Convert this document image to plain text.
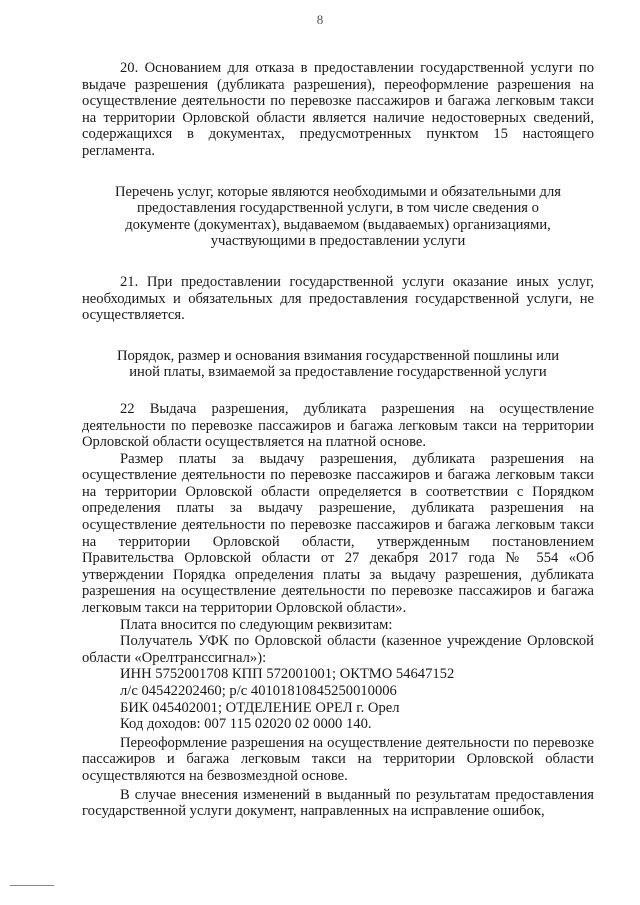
8

20. Основанием для отказа в предоставлении государственной услуги по выдаче разрешения (дубликата разрешения), переоформление разрешения на осуществление деятельности по перевозке пассажиров и багажа легковым такси на территории Орловской области является наличие недостоверных сведений, содержащихся в документах, предусмотренных пунктом 15 настоящего регламента.

Перечень услуг, которые являются необходимыми и обязательными для предоставления государственной услуги, в том числе сведения о документе (документах), выдаваемом (выдаваемых) организациями, участвующими в предоставлении услуги

21. При предоставлении государственной услуги оказание иных услуг, необходимых и обязательных для предоставления государственной услуги, не осуществляется.

Порядок, размер и основания взимания государственной пошлины или иной платы, взимаемой за предоставление государственной услуги

22 Выдача разрешения, дубликата разрешения на осуществление деятельности по перевозке пассажиров и багажа легковым такси на территории Орловской области осуществляется на платной основе.

Размер платы за выдачу разрешения, дубликата разрешения на осуществление деятельности по перевозке пассажиров и багажа легковым такси на территории Орловской области определяется в соответствии с Порядком определения платы за выдачу разрешение, дубликата разрешения на осуществление деятельности по перевозке пассажиров и багажа легковым такси на территории Орловской области, утвержденным постановлением Правительства Орловской области от 27 декабря 2017 года № 554 «Об утверждении Порядка определения платы за выдачу разрешения, дубликата разрешения на осуществление деятельности по перевозке пассажиров и багажа легковым такси на территории Орловской области».

Плата вносится по следующим реквизитам:

Получатель УФК по Орловской области (казенное учреждение Орловской области «Орелтранссигнал»):

ИНН 5752001708 КПП 572001001; ОКТМО 54647152

л/с 04542202460; р/с 40101810845250010006

БИК 045402001; ОТДЕЛЕНИЕ ОРЕЛ г. Орел

Код доходов: 007 115 02020 02 0000 140.

Переоформление разрешения на осуществление деятельности по перевозке пассажиров и багажа легковым такси на территории Орловской области осуществляются на безвозмездной основе.

В случае внесения изменений в выданный по результатам предоставления государственной услуги документ, направленных на исправление ошибок,
